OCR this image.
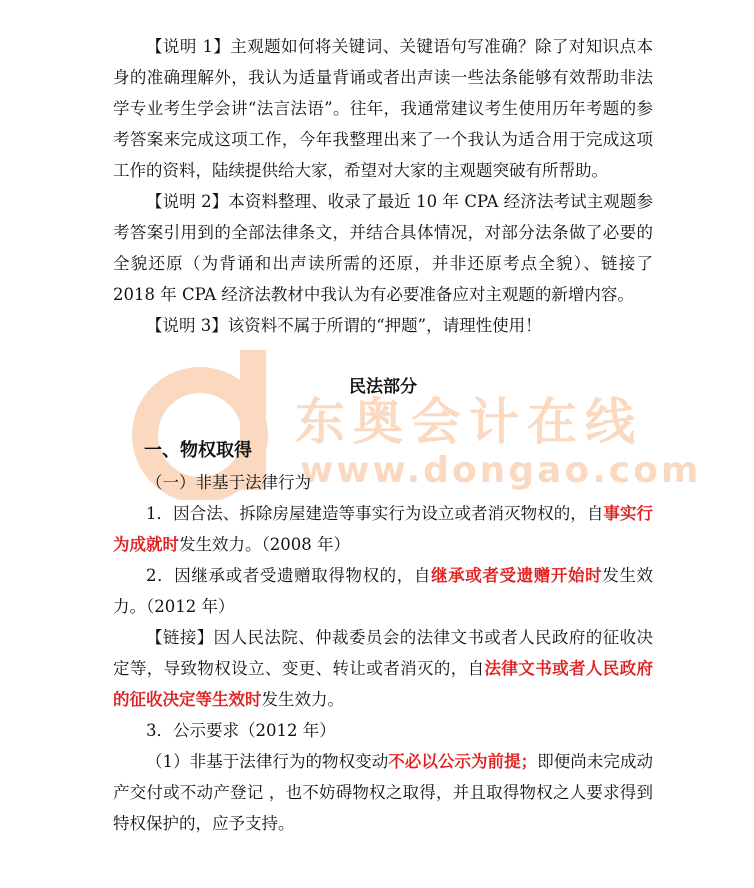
东奥会计在线
www.dongao.com

【说明 1】主观题如何将关键词、关键语句写准确？除了对知识点本身的准确理解外，我认为适量背诵或者出声读一些法条能够有效帮助非法学专业考生学会讲“法言法语”。往年，我通常建议考生使用历年考题的参考答案来完成这项工作，今年我整理出来了一个我认为适合用于完成这项工作的资料，陆续提供给大家，希望对大家的主观题突破有所帮助。

【说明 2】本资料整理、收录了最近 10 年 CPA 经济法考试主观题参考答案引用到的全部法律条文，并结合具体情况，对部分法条做了必要的全貌还原（为背诵和出声读所需的还原，并非还原考点全貌）、链接了 2018 年 CPA 经济法教材中我认为有必要准备应对主观题的新增内容。

【说明 3】该资料不属于所谓的“押题”，请理性使用！

民法部分
一、物权取得

（一）非基于法律行为

1．因合法、拆除房屋建造等事实行为设立或者消灭物权的，自事实行为成就时发生效力。（2008 年）

2．因继承或者受遗赠取得物权的，自继承或者受遗赠开始时发生效力。（2012 年）

【链接】因人民法院、仲裁委员会的法律文书或者人民政府的征收决定等，导致物权设立、变更、转让或者消灭的，自法律文书或者人民政府的征收决定等生效时发生效力。

3．公示要求（2012 年）

（1）非基于法律行为的物权变动不必以公示为前提；即便尚未完成动产交付或不动产登记 ，也不妨碍物权之取得，并且取得物权之人要求得到特权保护的，应予支持。
